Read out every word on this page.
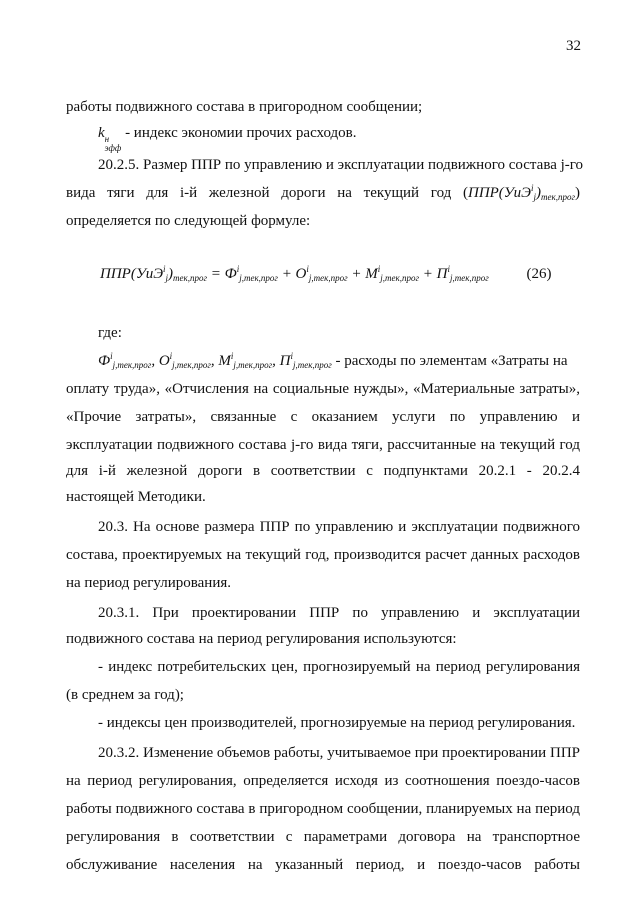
32
работы подвижного состава в пригородном сообщении;
k н
эфф
- индекс экономии прочих расходов.
20.2.5. Размер ППР по управлению и эксплуатации подвижного состава j-го
вида тяги для i-й железной дороги на текущий год $(ППР(УиЭ^i_j)_{тек,прог})$
определяется по следующей формуле:
$ППР(УиЭ^i_j)_{тек,прог} = Ф^i_{j,тек,прог} + О^i_{j,тек,прог} + М^i_{j,тек,прог} + П^i_{j,тек,прог}$	(26)
где:
$Ф^i_{j,тек,прог}$, $О^i_{j,тек,прог}$, $М^i_{j,тек,прог}$, $П^i_{j,тек,прог}$ - расходы по элементам «Затраты на
оплату труда», «Отчисления на социальные нужды», «Материальные затраты»,
«Прочие затраты», связанные с оказанием услуги по управлению и
эксплуатации подвижного состава j-го вида тяги, рассчитанные на текущий год
для i-й железной дороги в соответствии с подпунктами 20.2.1 - 20.2.4
настоящей Методики.
20.3. На основе размера ППР по управлению и эксплуатации подвижного
состава, проектируемых на текущий год, производится расчет данных расходов
на период регулирования.
20.3.1. При проектировании ППР по управлению и эксплуатации
подвижного состава на период регулирования используются:
- индекс потребительских цен, прогнозируемый на период регулирования
(в среднем за год);
- индексы цен производителей, прогнозируемые на период регулирования.
20.3.2. Изменение объемов работы, учитываемое при проектировании ППР
на период регулирования, определяется исходя из соотношения поездо-часов
работы подвижного состава в пригородном сообщении, планируемых на период
регулирования в соответствии с параметрами договора на транспортное
обслуживание населения на указанный период, и поездо-часов работы
